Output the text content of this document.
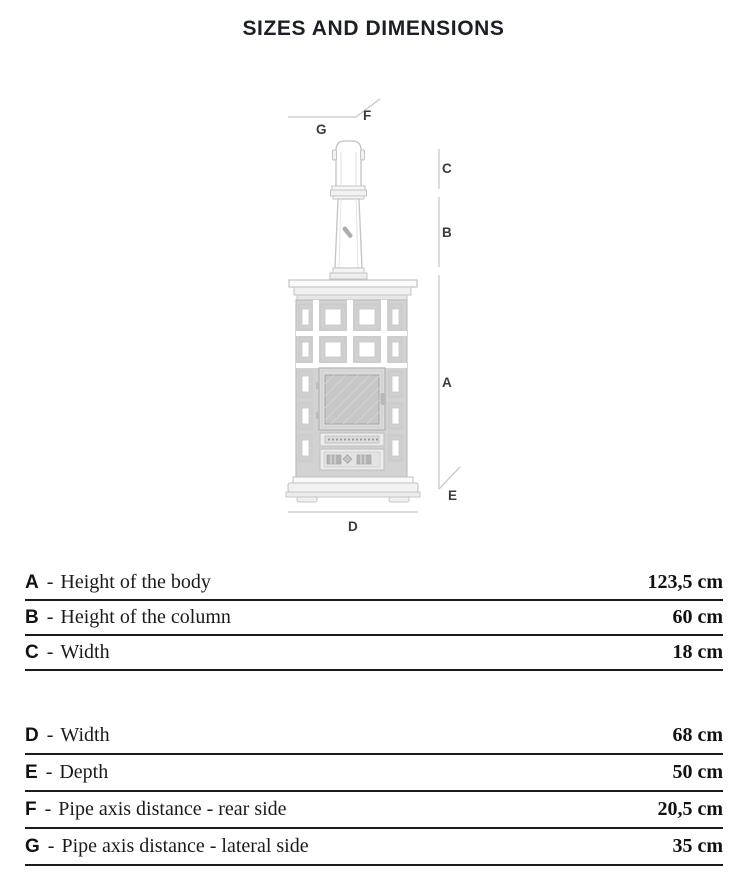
SIZES AND DIMENSIONS
F
G
C
B
A
E
D
A - Height of the body	123,5 cm
B - Height of the column	60 cm
C - Width	18 cm
D - Width	68 cm
E - Depth	50 cm
F - Pipe axis distance - rear side	20,5 cm
G - Pipe axis distance - lateral side	35 cm
